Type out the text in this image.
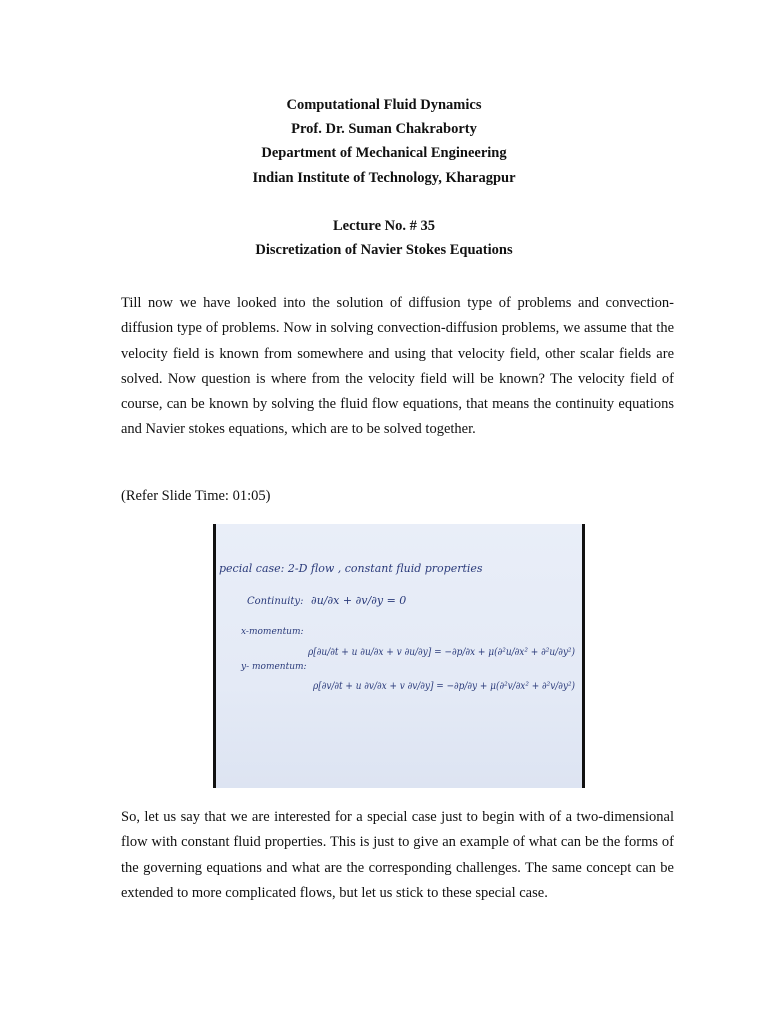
Computational Fluid Dynamics
Prof. Dr. Suman Chakraborty
Department of Mechanical Engineering
Indian Institute of Technology, Kharagpur
Lecture No. # 35
Discretization of Navier Stokes Equations

Till now we have looked into the solution of diffusion type of problems and convection-diffusion type of problems. Now in solving convection-diffusion problems, we assume that the velocity field is known from somewhere and using that velocity field, other scalar fields are solved. Now question is where from the velocity field will be known? The velocity field of course, can be known by solving the fluid flow equations, that means the continuity equations and Navier stokes equations, which are to be solved together.

(Refer Slide Time: 01:05)

pecial case: 2-D flow , constant fluid properties
Continuity: ∂u/∂x + ∂v/∂y = 0
x-momentum:
ρ[∂u/∂t + u ∂u/∂x + v ∂u/∂y] = −∂p/∂x + μ(∂²u/∂x² + ∂²u/∂y²)
y- momentum:
ρ[∂v/∂t + u ∂v/∂x + v ∂v/∂y] = −∂p/∂y + μ(∂²v/∂x² + ∂²v/∂y²)

So, let us say that we are interested for a special case just to begin with of a two-dimensional flow with constant fluid properties. This is just to give an example of what can be the forms of the governing equations and what are the corresponding challenges. The same concept can be extended to more complicated flows, but let us stick to these special case.
